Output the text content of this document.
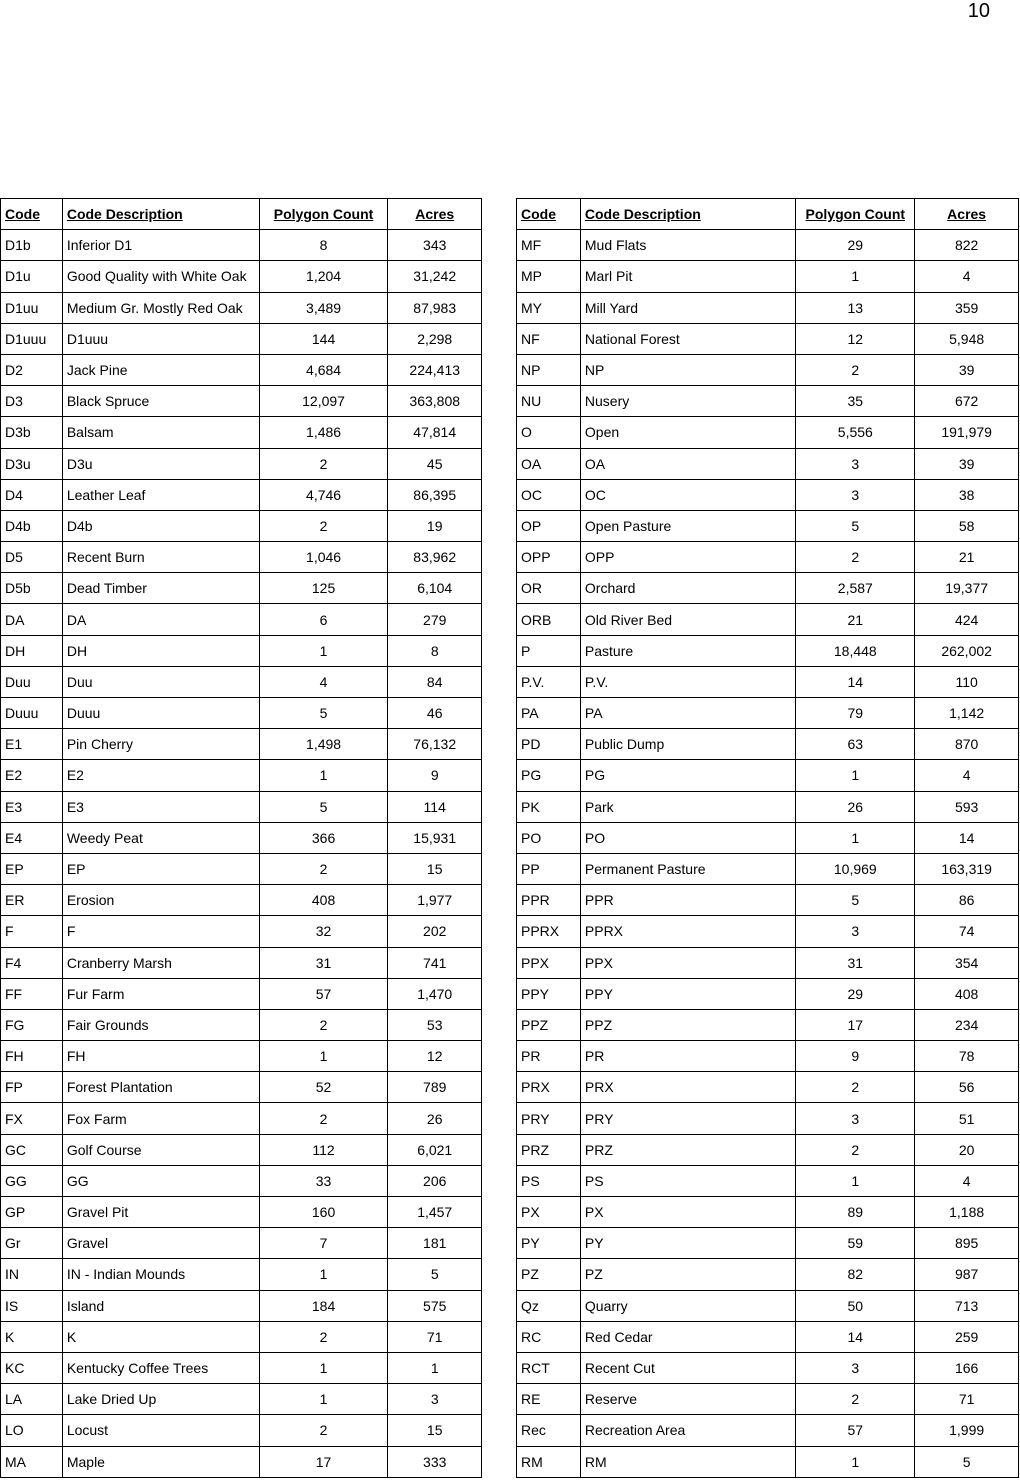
10
Code	Code Description	Polygon Count	Acres
D1b	Inferior D1	8	343
D1u	Good Quality with White Oak	1,204	31,242
D1uu	Medium Gr. Mostly Red Oak	3,489	87,983
D1uuu	D1uuu	144	2,298
D2	Jack Pine	4,684	224,413
D3	Black Spruce	12,097	363,808
D3b	Balsam	1,486	47,814
D3u	D3u	2	45
D4	Leather Leaf	4,746	86,395
D4b	D4b	2	19
D5	Recent Burn	1,046	83,962
D5b	Dead Timber	125	6,104
DA	DA	6	279
DH	DH	1	8
Duu	Duu	4	84
Duuu	Duuu	5	46
E1	Pin Cherry	1,498	76,132
E2	E2	1	9
E3	E3	5	114
E4	Weedy Peat	366	15,931
EP	EP	2	15
ER	Erosion	408	1,977
F	F	32	202
F4	Cranberry Marsh	31	741
FF	Fur Farm	57	1,470
FG	Fair Grounds	2	53
FH	FH	1	12
FP	Forest Plantation	52	789
FX	Fox Farm	2	26
GC	Golf Course	112	6,021
GG	GG	33	206
GP	Gravel Pit	160	1,457
Gr	Gravel	7	181
IN	IN - Indian Mounds	1	5
IS	Island	184	575
K	K	2	71
KC	Kentucky Coffee Trees	1	1
LA	Lake Dried Up	1	3
LO	Locust	2	15
MA	Maple	17	333
Code	Code Description	Polygon Count	Acres
MF	Mud Flats	29	822
MP	Marl Pit	1	4
MY	Mill Yard	13	359
NF	National Forest	12	5,948
NP	NP	2	39
NU	Nusery	35	672
O	Open	5,556	191,979
OA	OA	3	39
OC	OC	3	38
OP	Open Pasture	5	58
OPP	OPP	2	21
OR	Orchard	2,587	19,377
ORB	Old River Bed	21	424
P	Pasture	18,448	262,002
P.V.	P.V.	14	110
PA	PA	79	1,142
PD	Public Dump	63	870
PG	PG	1	4
PK	Park	26	593
PO	PO	1	14
PP	Permanent Pasture	10,969	163,319
PPR	PPR	5	86
PPRX	PPRX	3	74
PPX	PPX	31	354
PPY	PPY	29	408
PPZ	PPZ	17	234
PR	PR	9	78
PRX	PRX	2	56
PRY	PRY	3	51
PRZ	PRZ	2	20
PS	PS	1	4
PX	PX	89	1,188
PY	PY	59	895
PZ	PZ	82	987
Qz	Quarry	50	713
RC	Red Cedar	14	259
RCT	Recent Cut	3	166
RE	Reserve	2	71
Rec	Recreation Area	57	1,999
RM	RM	1	5
